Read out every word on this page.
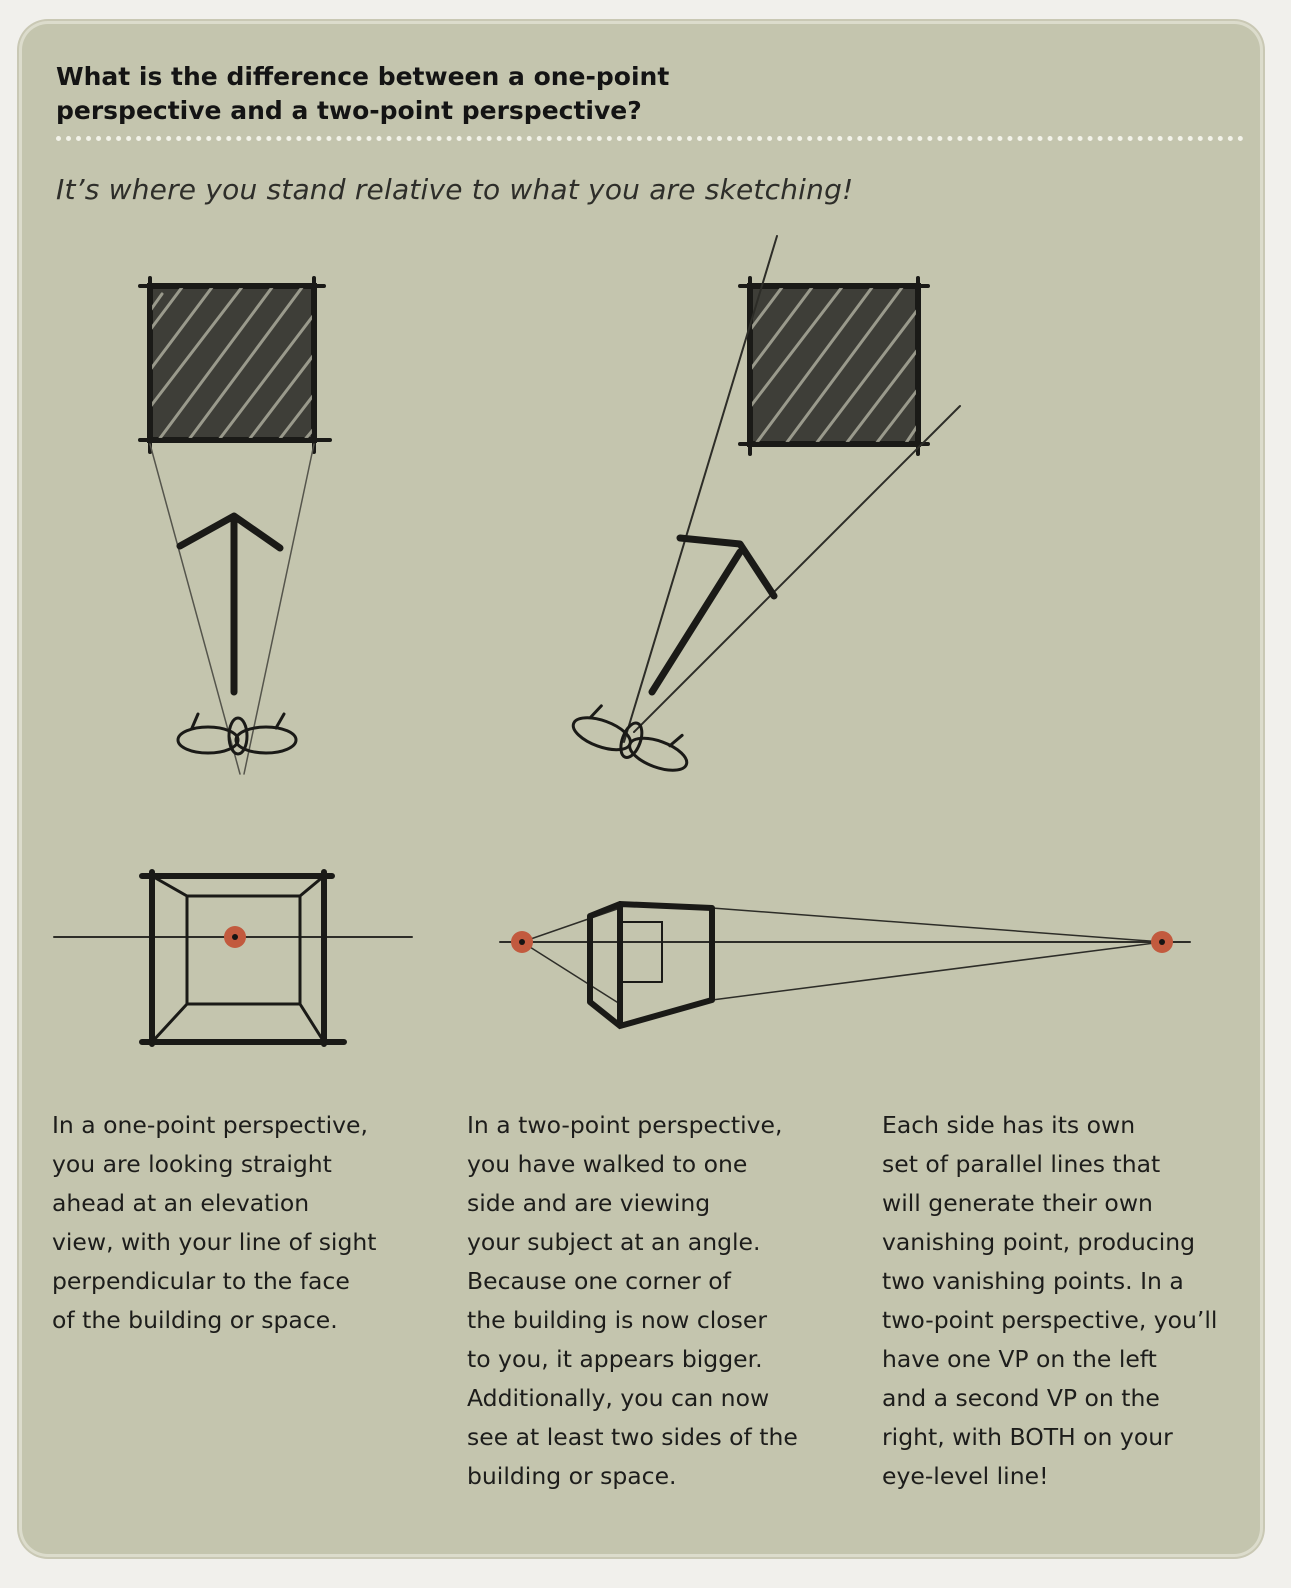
What is the difference between a one-point perspective and a two-point perspective?

It’s where you stand relative to what you are sketching!

In a one-point perspective,
you are looking straight
ahead at an elevation
view, with your line of sight
perpendicular to the face
of the building or space.

In a two-point perspective,
you have walked to one
side and are viewing
your subject at an angle.
Because one corner of
the building is now closer
to you, it appears bigger.
Additionally, you can now
see at least two sides of the
building or space.

Each side has its own
set of parallel lines that
will generate their own
vanishing point, producing
two vanishing points. In a
two-point perspective, you’ll
have one VP on the left
and a second VP on the
right, with BOTH on your
eye-level line!
